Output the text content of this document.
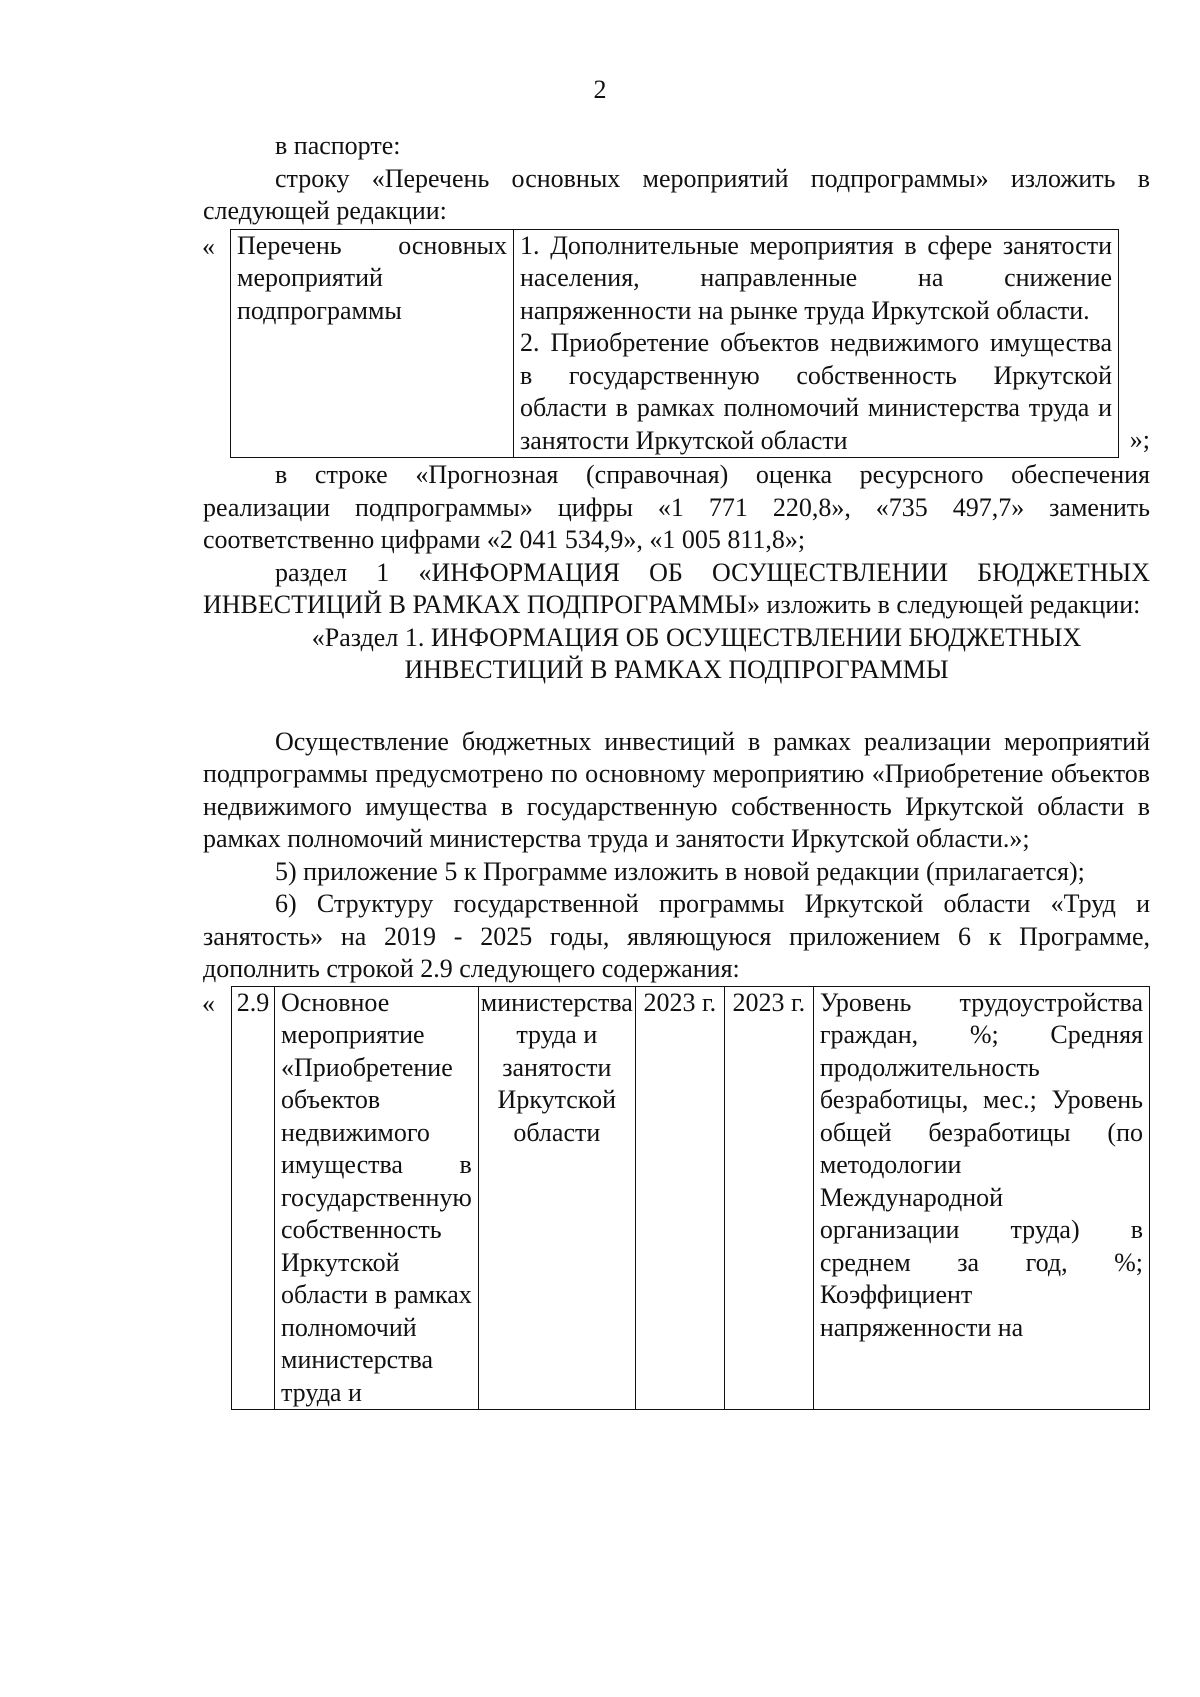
2

в паспорте:

строку «Перечень основных мероприятий подпрограммы» изложить в следующей редакции:

« Перечень основных мероприятий подпрограммы	
1. Дополнительные мероприятия в сфере занятости населения, направленные на снижение напряженности на рынке труда Иркутской области.
2. Приобретение объектов недвижимого имущества в государственную собственность Иркутской области в рамках полномочий министерства труда и занятости Иркутской области	»;

в строке «Прогнозная (справочная) оценка ресурсного обеспечения реализации подпрограммы» цифры «1 771 220,8», «735 497,7» заменить соответственно цифрами «2 041 534,9», «1 005 811,8»;

раздел 1 «ИНФОРМАЦИЯ ОБ ОСУЩЕСТВЛЕНИИ БЮДЖЕТНЫХ ИНВЕСТИЦИЙ В РАМКАХ ПОДПРОГРАММЫ» изложить в следующей редакции:

«Раздел 1. ИНФОРМАЦИЯ ОБ ОСУЩЕСТВЛЕНИИ БЮДЖЕТНЫХ

ИНВЕСТИЦИЙ В РАМКАХ ПОДПРОГРАММЫ

Осуществление бюджетных инвестиций в рамках реализации мероприятий подпрограммы предусмотрено по основному мероприятию «Приобретение объектов недвижимого имущества в государственную собственность Иркутской области в рамках полномочий министерства труда и занятости Иркутской области.»;

5) приложение 5 к Программе изложить в новой редакции (прилагается);

6) Структуру государственной программы Иркутской области «Труд и занятость» на 2019 - 2025 годы, являющуюся приложением 6 к Программе, дополнить строкой 2.9 следующего содержания:

« 2.9	Основное мероприятие «Приобретение объектов недвижимого имущества в государственную собственность Иркутской области в рамках полномочий министерства труда и	министерства труда и занятости Иркутской области	2023 г.	2023 г.	Уровень трудоустройства граждан, %; Средняя продолжительность безработицы, мес.; Уровень общей безработицы (по методологии Международной организации труда) в среднем за год, %; Коэффициент напряженности на
